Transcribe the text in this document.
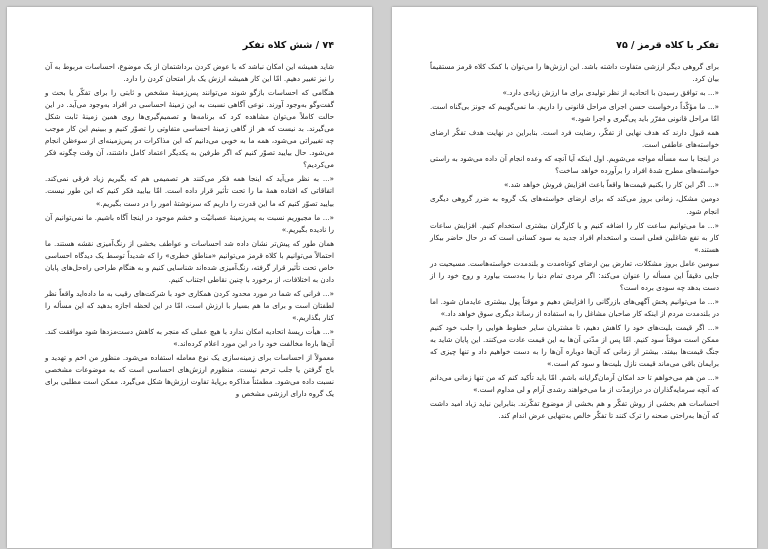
۷۴ / شش کلاه تفکر

شاید همیشه این امکان نباشد که با عوض کردن برداشتمان از یک موضوع، احساسات مربوط به آن را نیز تغییر دهیم. امّا این کار همیشه ارزش یک بار امتحان کردن را دارد.

هنگامی که احساسات بازگو شوند می‌توانند پس‌زمینهٔ مشخص و ثابتی را برای تفکّر یا بحث و گفت‌وگو به‌وجود آورند. نوعی آگاهی نسبت به این زمینهٔ احساسی در افراد به‌وجود می‌آید. در این حالت کاملاً می‌توان مشاهده کرد که برنامه‌ها و تصمیم‌گیری‌ها روی همین زمینهٔ ثابت شکل می‌گیرند. بد نیست که هر از گاهی زمینهٔ احساسی متفاوتی را تصوّر کنیم و ببینیم این کار موجب چه تغییراتی می‌شود، همه ما به خوبی می‌دانیم که این مذاکرات در پس‌زمینه‌ای از سوءظن انجام می‌شود. حال بیایید تصوّر کنیم که اگر طرفین به یکدیگر اعتماد کامل داشتند، آن وقت چگونه فکر می‌کردیم؟

«... به نظر می‌آید که اینجا همه فکر می‌کنند هر تصمیمی هم که بگیریم زیاد فرقی نمی‌کند. اتفاقاتی که افتاده همهٔ ما را تحت تأثیر قرار داده است. امّا بیایید فکر کنیم که این طور نیست. بیایید تصوّر کنیم که ما این قدرت را داریم که سرنوشتهٔ امور را در دست بگیریم.»

«... ما مجبوریم نسبت به پس‌زمینهٔ عصبانیّت و خشم موجود در اینجا آگاه باشیم. ما نمی‌توانیم آن را نادیده بگیریم.»

همان طور که پیش‌تر نشان داده شد احساسات و عواطف بخشی از رنگ‌آمیزی نقشه هستند. ما احتمالاً می‌توانیم با کلاه قرمز می‌توانیم «مناطق خطری» را که شدیداً توسط یک دیدگاه احساسی خاص تحت تأثیر قرار گرفته، رنگ‌آمیزی شده‌اند شناسایی کنیم و به هنگام طراحی راه‌حل‌های پایان دادن به اختلافات، از برخورد با چنین نقاطی اجتناب کنیم.

«... فرانی که شما در مورد محدود کردن همکاری خود با شرکت‌های رقیب به ما داده‌اید واقعاً نظر لطفتان است و برای ما هم بسیار با ارزش است، امّا در این لحظه اجازه بدهید که این مسأله را کنار بگذاریم.»

«... هیأت ریسهٔ اتحادیه امکان ندارد با هیچ عملی که منجر به کاهش دست‌مزدها شود موافقت کند. آن‌ها باره‌ا مخالفت خود را در این مورد اعلام کرده‌اند.»

معمولاً از احساسات برای زمینه‌سازی یک نوع معامله استفاده می‌شود. منظور من اخم و تهدید و باج گرفتن یا جلب ترحم نیست. منظورم ارزش‌های احساسی است که به موضوعات مشخصی نسبت داده می‌شود. مطمئناً مذاکره برپایهٔ تفاوت ارزش‌ها شکل می‌گیرد. ممکن است مطلبی برای یک گروه دارای ارزشی مشخص و

تفکر با کلاه قرمز / ۷۵

برای گروهی دیگر ارزشی متفاوت داشته باشد. این ارزش‌ها را می‌توان با کمک کلاه قرمز مستقیماً بیان کرد.

«... به توافق رسیدن با اتحادیه از نظر تولیدی برای ما ارزش زیادی دارد.»

«... ما مؤکّداً درخواست حسن اجرای مراحل قانونی را داریم. ما نمی‌گوییم که جونز بی‌گناه است. امّا مراحل قانونی مقرّر باید پی‌گیری و اجرا شود.»

همه قبول دارند که هدف نهایی از تفکّر، رضایت فرد است. بنابراین در نهایت هدف تفکّر ارضای خواسته‌های عاطفی است.

در اینجا با سه مسأله مواجه می‌شویم. اول اینکه آیا آنچه که وعده انجام آن داده می‌شود به راستی خواسته‌های مطرح شدهٔ افراد را برآورده خواهد ساخت؟

«... اگر این کار را بکنیم قیمت‌ها واقعاً باعث افزایش فروش خواهد شد.»

دومین مشکل، زمانی بروز می‌کند که برای ارضای خواسته‌های یک گروه به ضرر گروهی دیگری انجام شود.

«... ما می‌توانیم ساعت کار را اضافه کنیم و یا کارگران بیشتری استخدام کنیم. افزایش ساعات کار به نفع شاغلین فعلی است و استخدام افراد جدید به سود کسانی است که در حال حاضر بیکار هستند.»

سومین عامل بروز مشکلات، تعارض بین ارضای کوتاه‌مدت و بلندمدت خواسته‌هاست. مسیحیت در جایی دقیقاً این مسأله را عنوان می‌کند: اگر مردی تمام دنیا را به‌دست بیاورد و روح خود را از دست بدهد چه سودی برده است؟

«... ما می‌توانیم پخش آگهی‌های بازرگانی را افزایش دهیم و موقتاً پول بیشتری عایدمان شود. اما در بلندمدت مردم از اینکه کار صاحبان مشاغل را به استفاده از رسانهٔ دیگری سوق خواهد داد.»

«... اگر قیمت بلیت‌های خود را کاهش دهیم، تا مشتریان سایر خطوط هوایی را جلب خود کنیم ممکن است موقتاً سود کنیم. امّا پس از مدّتی آن‌ها به این قیمت عادت می‌کنند. این پایان شاید به جنگ قیمت‌ها بیفتد. بیشتر از زمانی که آن‌ها دوباره آن‌ها را به دست خواهیم داد و تنها چیزی که برایمان باقی می‌ماند قیمت نازل بلیت‌ها و سود کم است.»

«... من هم می‌خواهم تا حد امکان آرمان‌گرایانه باشم. امّا باید تأکید کنم که من تنها زمانی می‌دانم که آنچه سرمایه‌گذاران در درازمدّت از ما می‌خواهند رشدی آرام و لی مداوم است.»

احساسات هم بخشی از روش تفکّر و هم بخشی از موضوع تفکّرند. بنابراین نباید زیاد امید داشت که آن‌ها به‌راحتی صحنه را ترک کنند تا تفکّر خالص به‌تنهایی عرض اندام کند.
